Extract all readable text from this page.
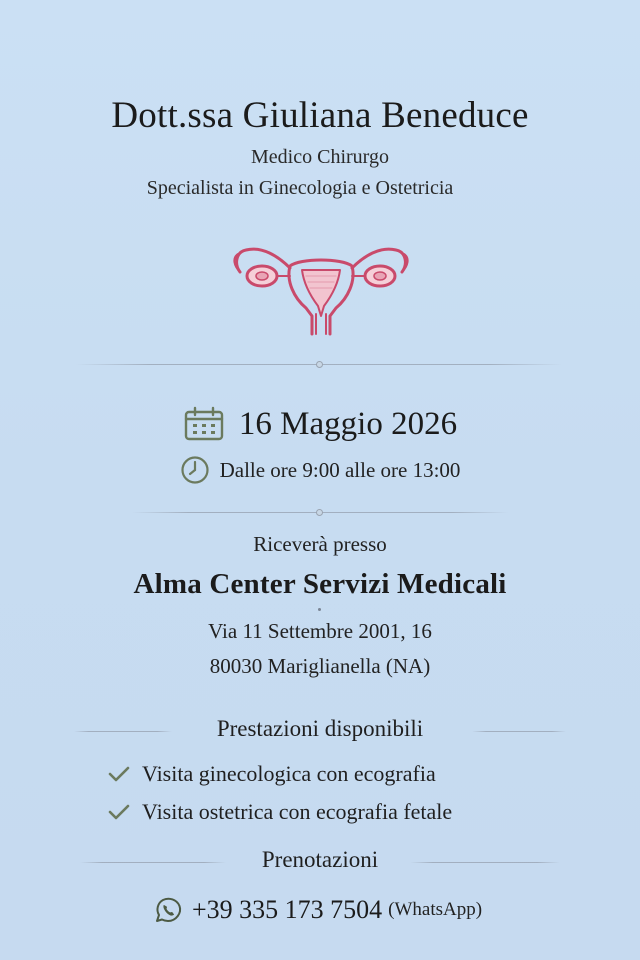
Dott.ssa Giuliana Beneduce
Medico Chirurgo
Specialista in Ginecologia e Ostetricia
16 Maggio 2026
Dalle ore 9:00 alle ore 13:00
Riceverà presso
Alma Center Servizi Medicali
Via 11 Settembre 2001, 16
80030 Mariglianella (NA)
Prestazioni disponibili
Visita ginecologica con ecografia
Visita ostetrica con ecografia fetale
Prenotazioni
+39 335 173 7504 (WhatsApp)
